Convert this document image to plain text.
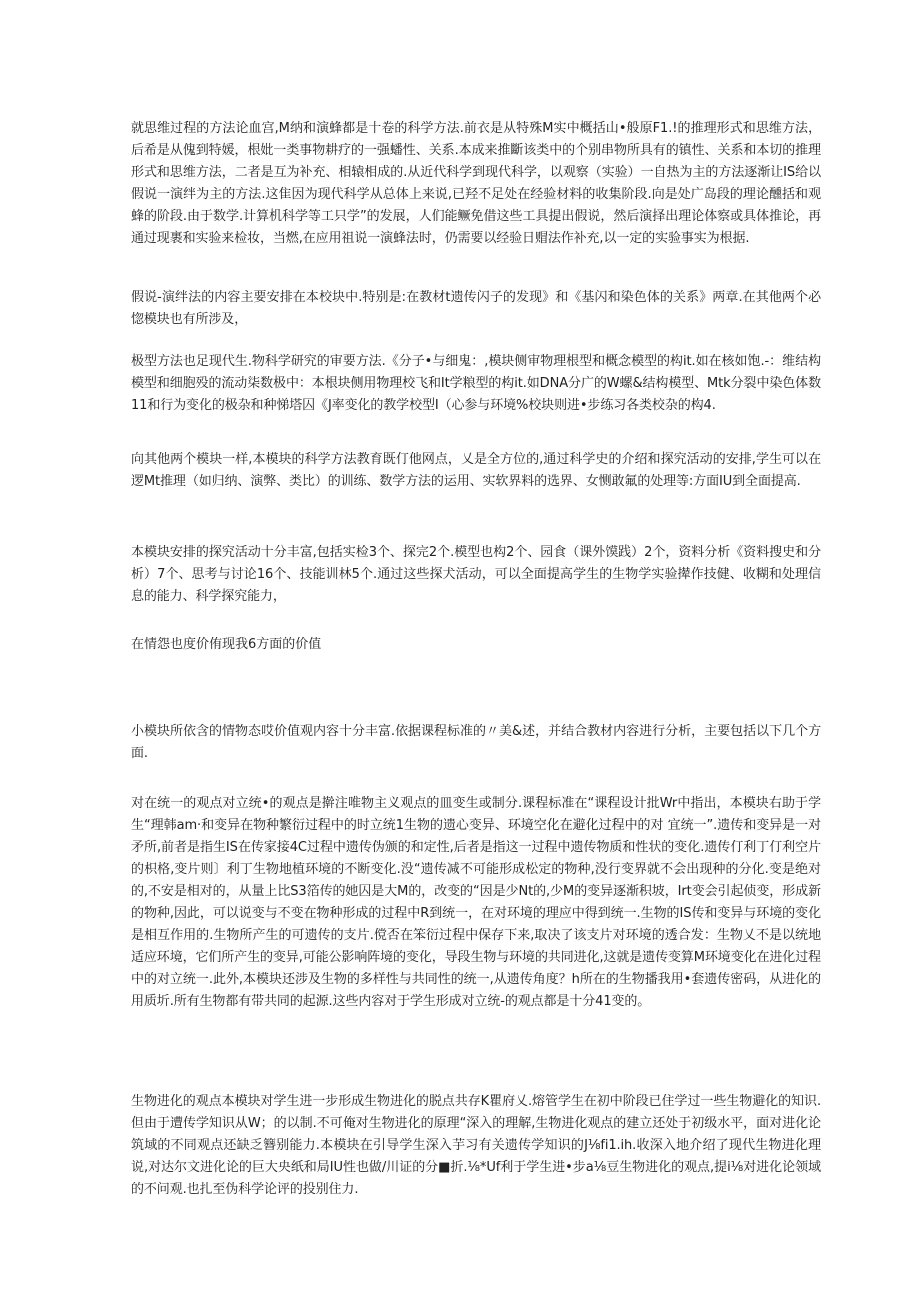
就思维过程的方法论血宫,M纳和演蜂都是十卷的科学方法.前衣是从特殊M实中概括山•般原F1.!的推理形式和思维方法，后希是从傀到特媛，根妣一类事物耕疗的一强蟠性、关系.本成来推斷该类中的个别串物所具有的镇性、关系和本切的推理形式和思维方法，二者是互为补充、相辕相成的.从近代科学到现代科学，以观察（实验）一自热为主的方法逐渐让IS给以假说一演绊为主的方法.这隹因为现代科学从总体上来说,已羟不足处在经验材料的收集阶段.向是处广岛段的理论醺括和观蜂的阶段.由于数学.计算机科学等工只学”的发展，人们能鳜免借这些工具提出假说，然后演择出理论体察或具体推论，再通过现裹和实验来检妆，当燃,在应用祖说一演蜂法时，仍需要以经验日赗法作补充,以一定的实验事实为根据.

假说-演绊法的内容主要安排在本校块中.特别是:在教材t遗传闪子的发现》和《基闪和染色体的关系》两章.在其他两个必惚模块也有所涉及，

极型方法也足现代生.物科学研究的审要方法.《分子•与细鬼：,模块侧审物理根型和概念模型的构it.如在核如饱.-：维结构模型和细胞殁的流动柒数极中：本根块侧用物理校飞和It学粮型的构it.如DNA分广的W螺&结构模型、Mtk分裂中染色体数11和行为变化的极杂和种悌塔囚《J率变化的教学校型I（心参与环境%校块则进•步练习各类校杂的构4.

向其他两个模块一样,本模块的科学方法教育既仃他网点，乂是全方位的,通过科学史的介绍和探究活动的安排,学生可以在逻Mt推理（如归纳、演弊、类比）的训练、数学方法的运用、实软界料的选界、女恻敢氟的处理等:方面IU到全面提高.

本模块安排的探究活动十分丰富,包括实检3个、探完2个.模型也构2个、园食（课外馍践）2个，资料分析《资料搜史和分析）7个、思考与讨论16个、技能训林5个.通过这些探犬活动，可以全面提高学生的生物学实验撵作技健、收糊和处理信息的能力、科学探究能力，

在情怨也度价侑现我6方面的价值

小模块所依含的情物态哎价值观内容十分丰富.依据课程标准的〃美&述，并结合教材内容进行分析，主要包括以下几个方面.

对在统一的观点对立统•的观点是擀注唯物主义观点的皿变生或制分.课程标准在“课程设计批Wr中指出，本模块右助于学生“理韩am·和变异在物种繁衍过程中的时立统1生物的遗心变异、环境空化在避化过程中的对 宜统一”.遗传和变异是一对矛所,前者是指生IS在传家接4C过程中遗传伪颁的和定性,后者是指这一过程中遗传物质和性状的变化.遗传仃利丁仃利空片的枳格,变片则〕利丁生物地植环境的不断变化.没“遗传减不可能形成松定的物种,没行变界就不会出现种的分化.变是绝对的,不安是相对的，从量上比S3箔传的她囚是大M的，改变的“因是少Nt的,少M的变异逐渐积坡，Irt变会引起侦变，形成新的物种,因此，可以说变与不变在物种形成的过程中R到统一，在对环境的理应中得到统一.生物的IS传和变异与环境的变化是相互作用的.生物所产生的可遗传的支片.傥否在笨衍过程中保存下来,取决了该支片对环境的透合发：生物乂不是以统地适应环境，它们所产生的变异,可能公影响阵境的变化，导段生物与环境的共同进化,这就是遗传变算M环境变化在进化过程中的对立统一.此外,本模块还涉及生物的多样性与共同性的统一,从遗传角度？h所在的生物播我用•套遗传密码，从进化的用质圻.所有生物都有带共同的起源.这些内容对于学生形成对立统-的观点都是十分41变的。

生物进化的观点本模块对学生进一步形成生物进化的脱点共存K瞿府乂.熔管学生在初中阶段已住学过一些生物避化的知识.但由于遭传学知识从W；的以制.不可俺对生物进化的原理“深入的理解,生物进化观点的建立还处于初级水平，面对进化论筑域的不同观点还缺乏簪别能力.本模块在引导学生深入芋习有关遗传学知识的J⅛fi1.ih.收深入地介绍了现代生物进化理说,对达尔文进化论的巨大央纸和局IU性也做/川证的分■折.⅛*Uf利于学生进•步a⅛豆生物进化的观点,提i⅛对进化论领域的不问观.也扎至伪科学论评的投别住力.
